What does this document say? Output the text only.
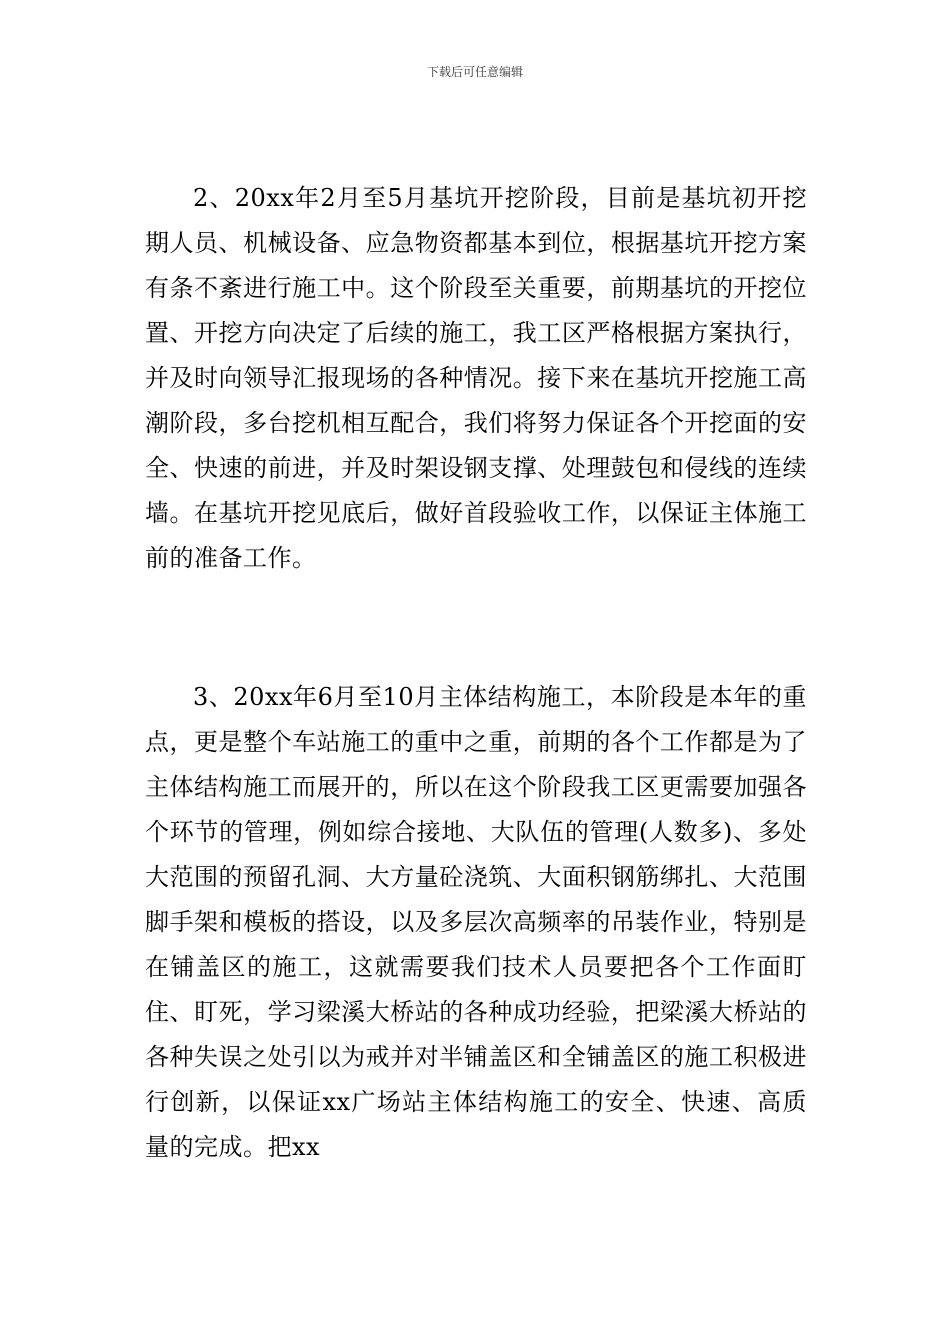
下载后可任意编辑

2、20xx年2月至5月基坑开挖阶段，目前是基坑初开挖期人员、机械设备、应急物资都基本到位，根据基坑开挖方案有条不紊进行施工中。这个阶段至关重要，前期基坑的开挖位置、开挖方向决定了后续的施工，我工区严格根据方案执行，并及时向领导汇报现场的各种情况。接下来在基坑开挖施工高潮阶段，多台挖机相互配合，我们将努力保证各个开挖面的安全、快速的前进，并及时架设钢支撑、处理鼓包和侵线的连续墙。在基坑开挖见底后，做好首段验收工作，以保证主体施工前的准备工作。

3、20xx年6月至10月主体结构施工，本阶段是本年的重点，更是整个车站施工的重中之重，前期的各个工作都是为了主体结构施工而展开的，所以在这个阶段我工区更需要加强各个环节的管理，例如综合接地、大队伍的管理(人数多)、多处大范围的预留孔洞、大方量砼浇筑、大面积钢筋绑扎、大范围脚手架和模板的搭设，以及多层次高频率的吊装作业，特别是在铺盖区的施工，这就需要我们技术人员要把各个工作面盯住、盯死，学习梁溪大桥站的各种成功经验，把梁溪大桥站的各种失误之处引以为戒并对半铺盖区和全铺盖区的施工积极进行创新，以保证xx广场站主体结构施工的安全、快速、高质量的完成。把xx
